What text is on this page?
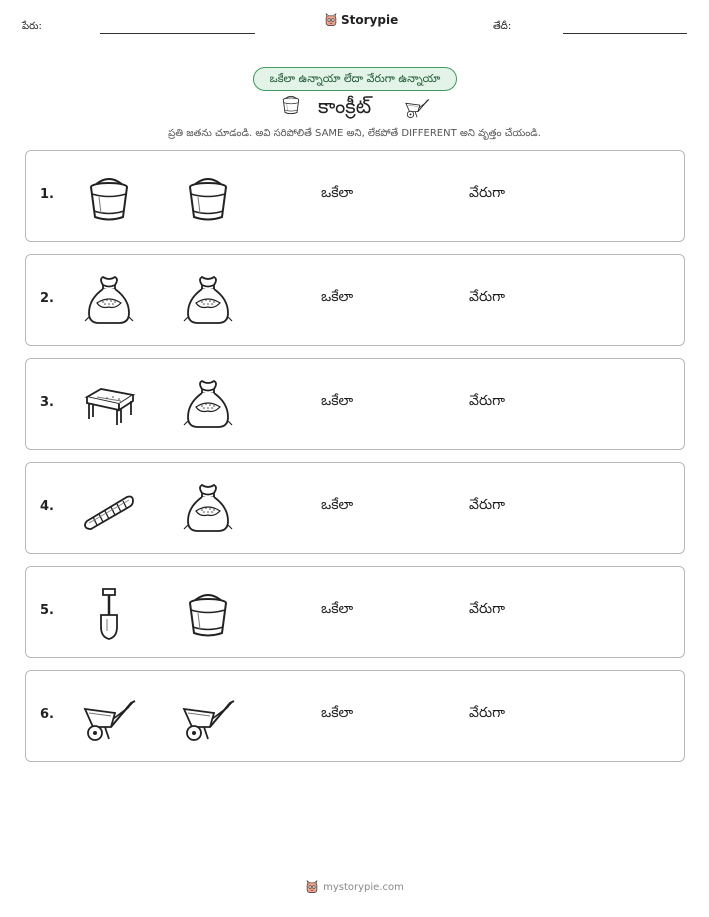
పేరు:	Storypie	తేదీ:
ఒకేలా ఉన్నాయా లేదా వేరుగా ఉన్నాయా
కాంక్రీట్
ప్రతి జతను చూడండి. అవి సరిపోలితే SAME అని, లేకపోతే DIFFERENT అని వృత్తం చేయండి.
1.	ఒకేలా	వేరుగా
2.	ఒకేలా	వేరుగా
3.	ఒకేలా	వేరుగా
4.	ఒకేలా	వేరుగా
5.	ఒకేలా	వేరుగా
6.	ఒకేలా	వేరుగా
mystorypie.com
